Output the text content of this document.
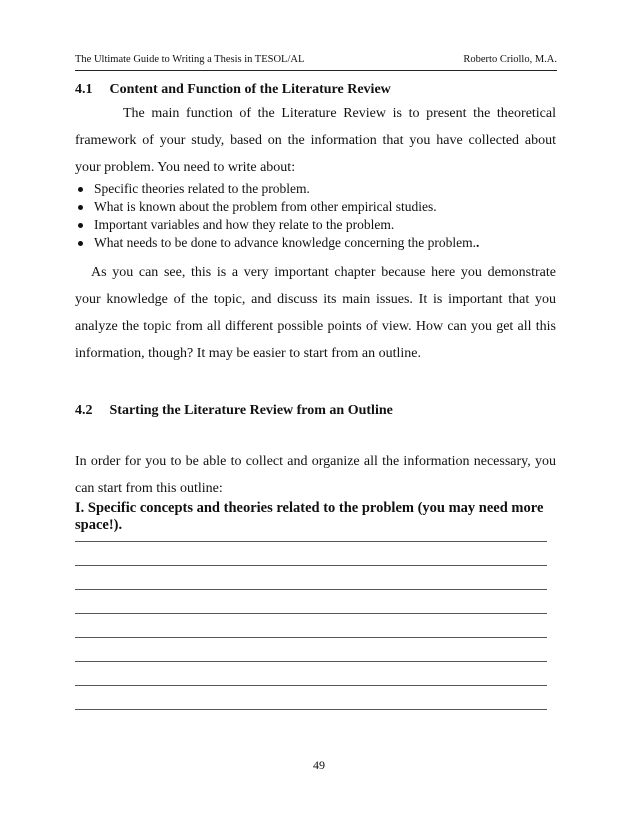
The Ultimate Guide to Writing a Thesis in TESOL/AL	Roberto Criollo, M.A.
4.1 Content and Function of the Literature Review
The main function of the Literature Review is to present the theoretical framework of your study, based on the information that you have collected about your problem. You need to write about:
Specific theories related to the problem.
What is known about the problem from other empirical studies.
Important variables and how they relate to the problem.
What needs to be done to advance knowledge concerning the problem. .
As you can see, this is a very important chapter because here you demonstrate your knowledge of the topic, and discuss its main issues. It is important that you analyze the topic from all different possible points of view. How can you get all this information, though? It may be easier to start from an outline.
4.2 Starting the Literature Review from an Outline
In order for you to be able to collect and organize all the information necessary, you can start from this outline:
I. Specific concepts and theories related to the problem (you may need more space!).
49
